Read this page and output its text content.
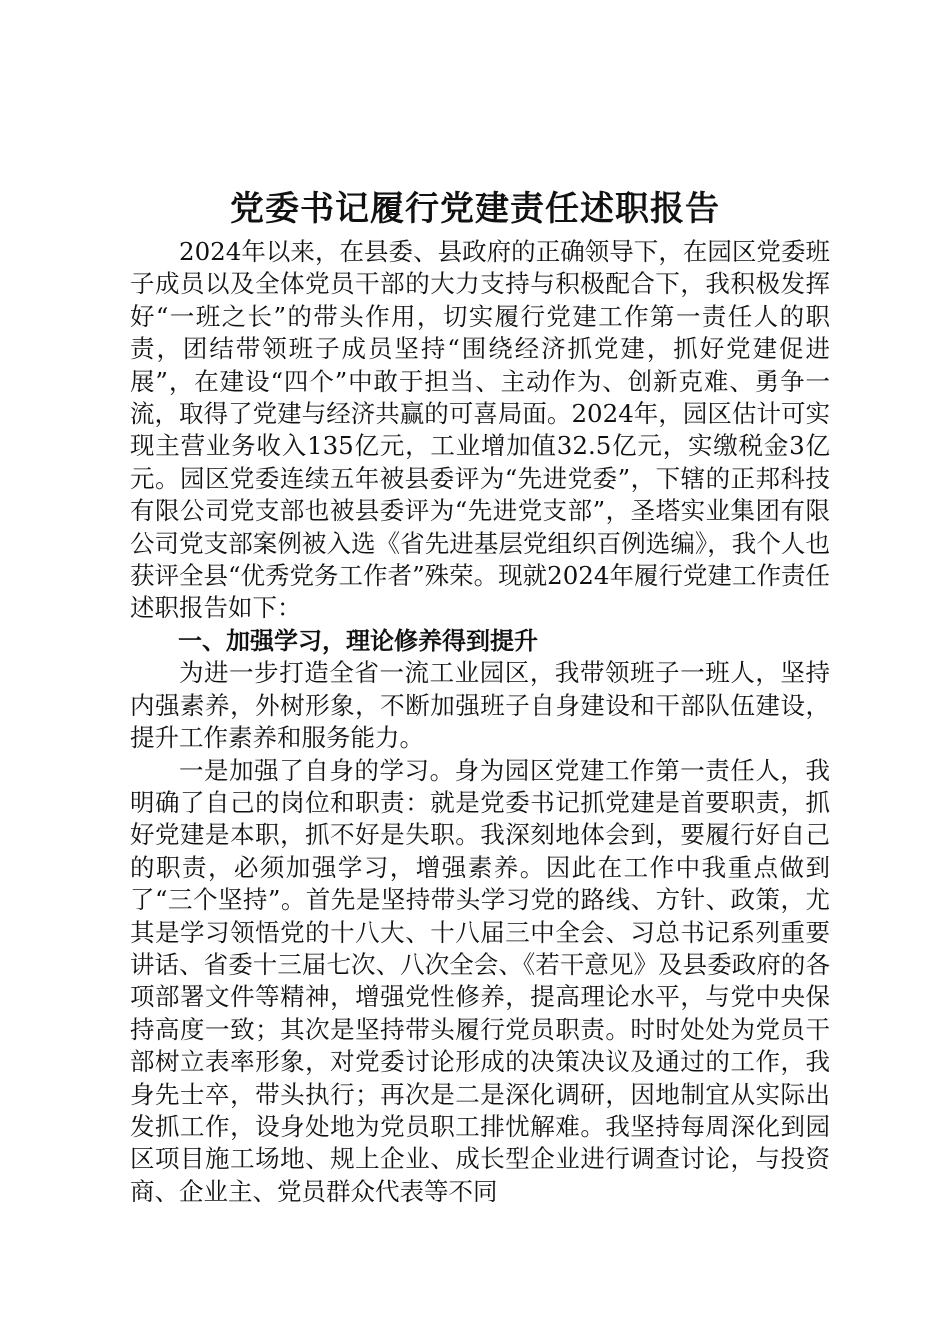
党委书记履行党建责任述职报告

2024年以来，在县委、县政府的正确领导下，在园区党委班子成员以及全体党员干部的大力支持与积极配合下，我积极发挥好“一班之长”的带头作用，切实履行党建工作第一责任人的职责，团结带领班子成员坚持“围绕经济抓党建，抓好党建促进展”，在建设“四个”中敢于担当、主动作为、创新克难、勇争一流，取得了党建与经济共赢的可喜局面。2024年，园区估计可实现主营业务收入135亿元，工业增加值32.5亿元，实缴税金3亿元。园区党委连续五年被县委评为“先进党委”，下辖的正邦科技有限公司党支部也被县委评为“先进党支部”，圣塔实业集团有限公司党支部案例被入选《省先进基层党组织百例选编》，我个人也获评全县“优秀党务工作者”殊荣。现就2024年履行党建工作责任述职报告如下：

一、加强学习，理论修养得到提升

为进一步打造全省一流工业园区，我带领班子一班人，坚持内强素养，外树形象，不断加强班子自身建设和干部队伍建设，提升工作素养和服务能力。

一是加强了自身的学习。身为园区党建工作第一责任人，我明确了自己的岗位和职责：就是党委书记抓党建是首要职责，抓好党建是本职，抓不好是失职。我深刻地体会到，要履行好自己的职责，必须加强学习，增强素养。因此在工作中我重点做到了“三个坚持”。首先是坚持带头学习党的路线、方针、政策，尤其是学习领悟党的十八大、十八届三中全会、习总书记系列重要讲话、省委十三届七次、八次全会、《若干意见》及县委政府的各项部署文件等精神，增强党性修养，提高理论水平，与党中央保持高度一致；其次是坚持带头履行党员职责。时时处处为党员干部树立表率形象，对党委讨论形成的决策决议及通过的工作，我身先士卒，带头执行；再次是二是深化调研，因地制宜从实际出发抓工作，设身处地为党员职工排忧解难。我坚持每周深化到园区项目施工场地、规上企业、成长型企业进行调查讨论，与投资商、企业主、党员群众代表等不同
